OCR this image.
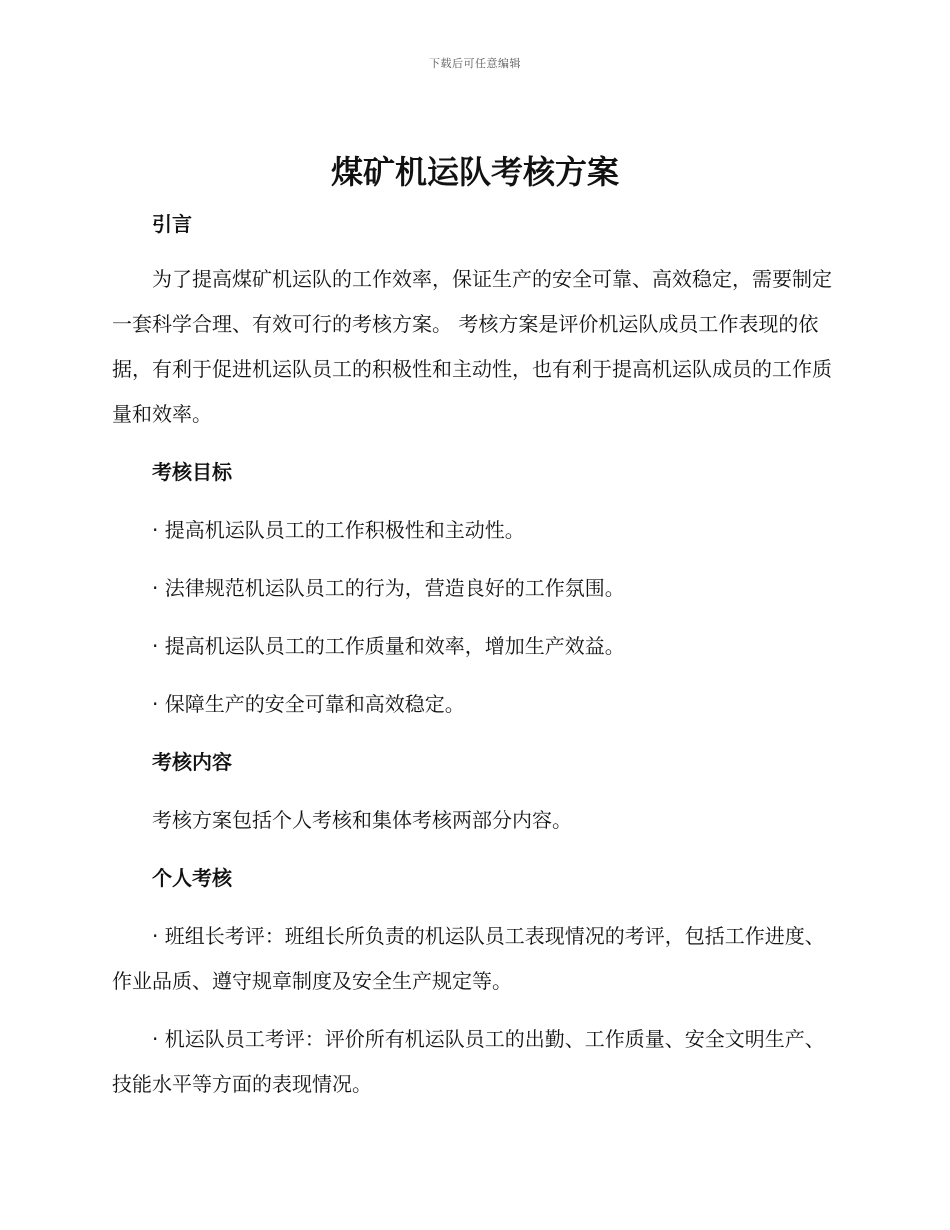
下载后可任意编辑
煤矿机运队考核方案

引言

为了提高煤矿机运队的工作效率，保证生产的安全可靠、高效稳定，需要制定一套科学合理、有效可行的考核方案。 考核方案是评价机运队成员工作表现的依据，有利于促进机运队员工的积极性和主动性，也有利于提高机运队成员的工作质量和效率。

考核目标

· 提高机运队员工的工作积极性和主动性。

· 法律规范机运队员工的行为，营造良好的工作氛围。

· 提高机运队员工的工作质量和效率，增加生产效益。

· 保障生产的安全可靠和高效稳定。

考核内容

考核方案包括个人考核和集体考核两部分内容。

个人考核

· 班组长考评：班组长所负责的机运队员工表现情况的考评，包括工作进度、作业品质、遵守规章制度及安全生产规定等。

· 机运队员工考评：评价所有机运队员工的出勤、工作质量、安全文明生产、技能水平等方面的表现情况。
